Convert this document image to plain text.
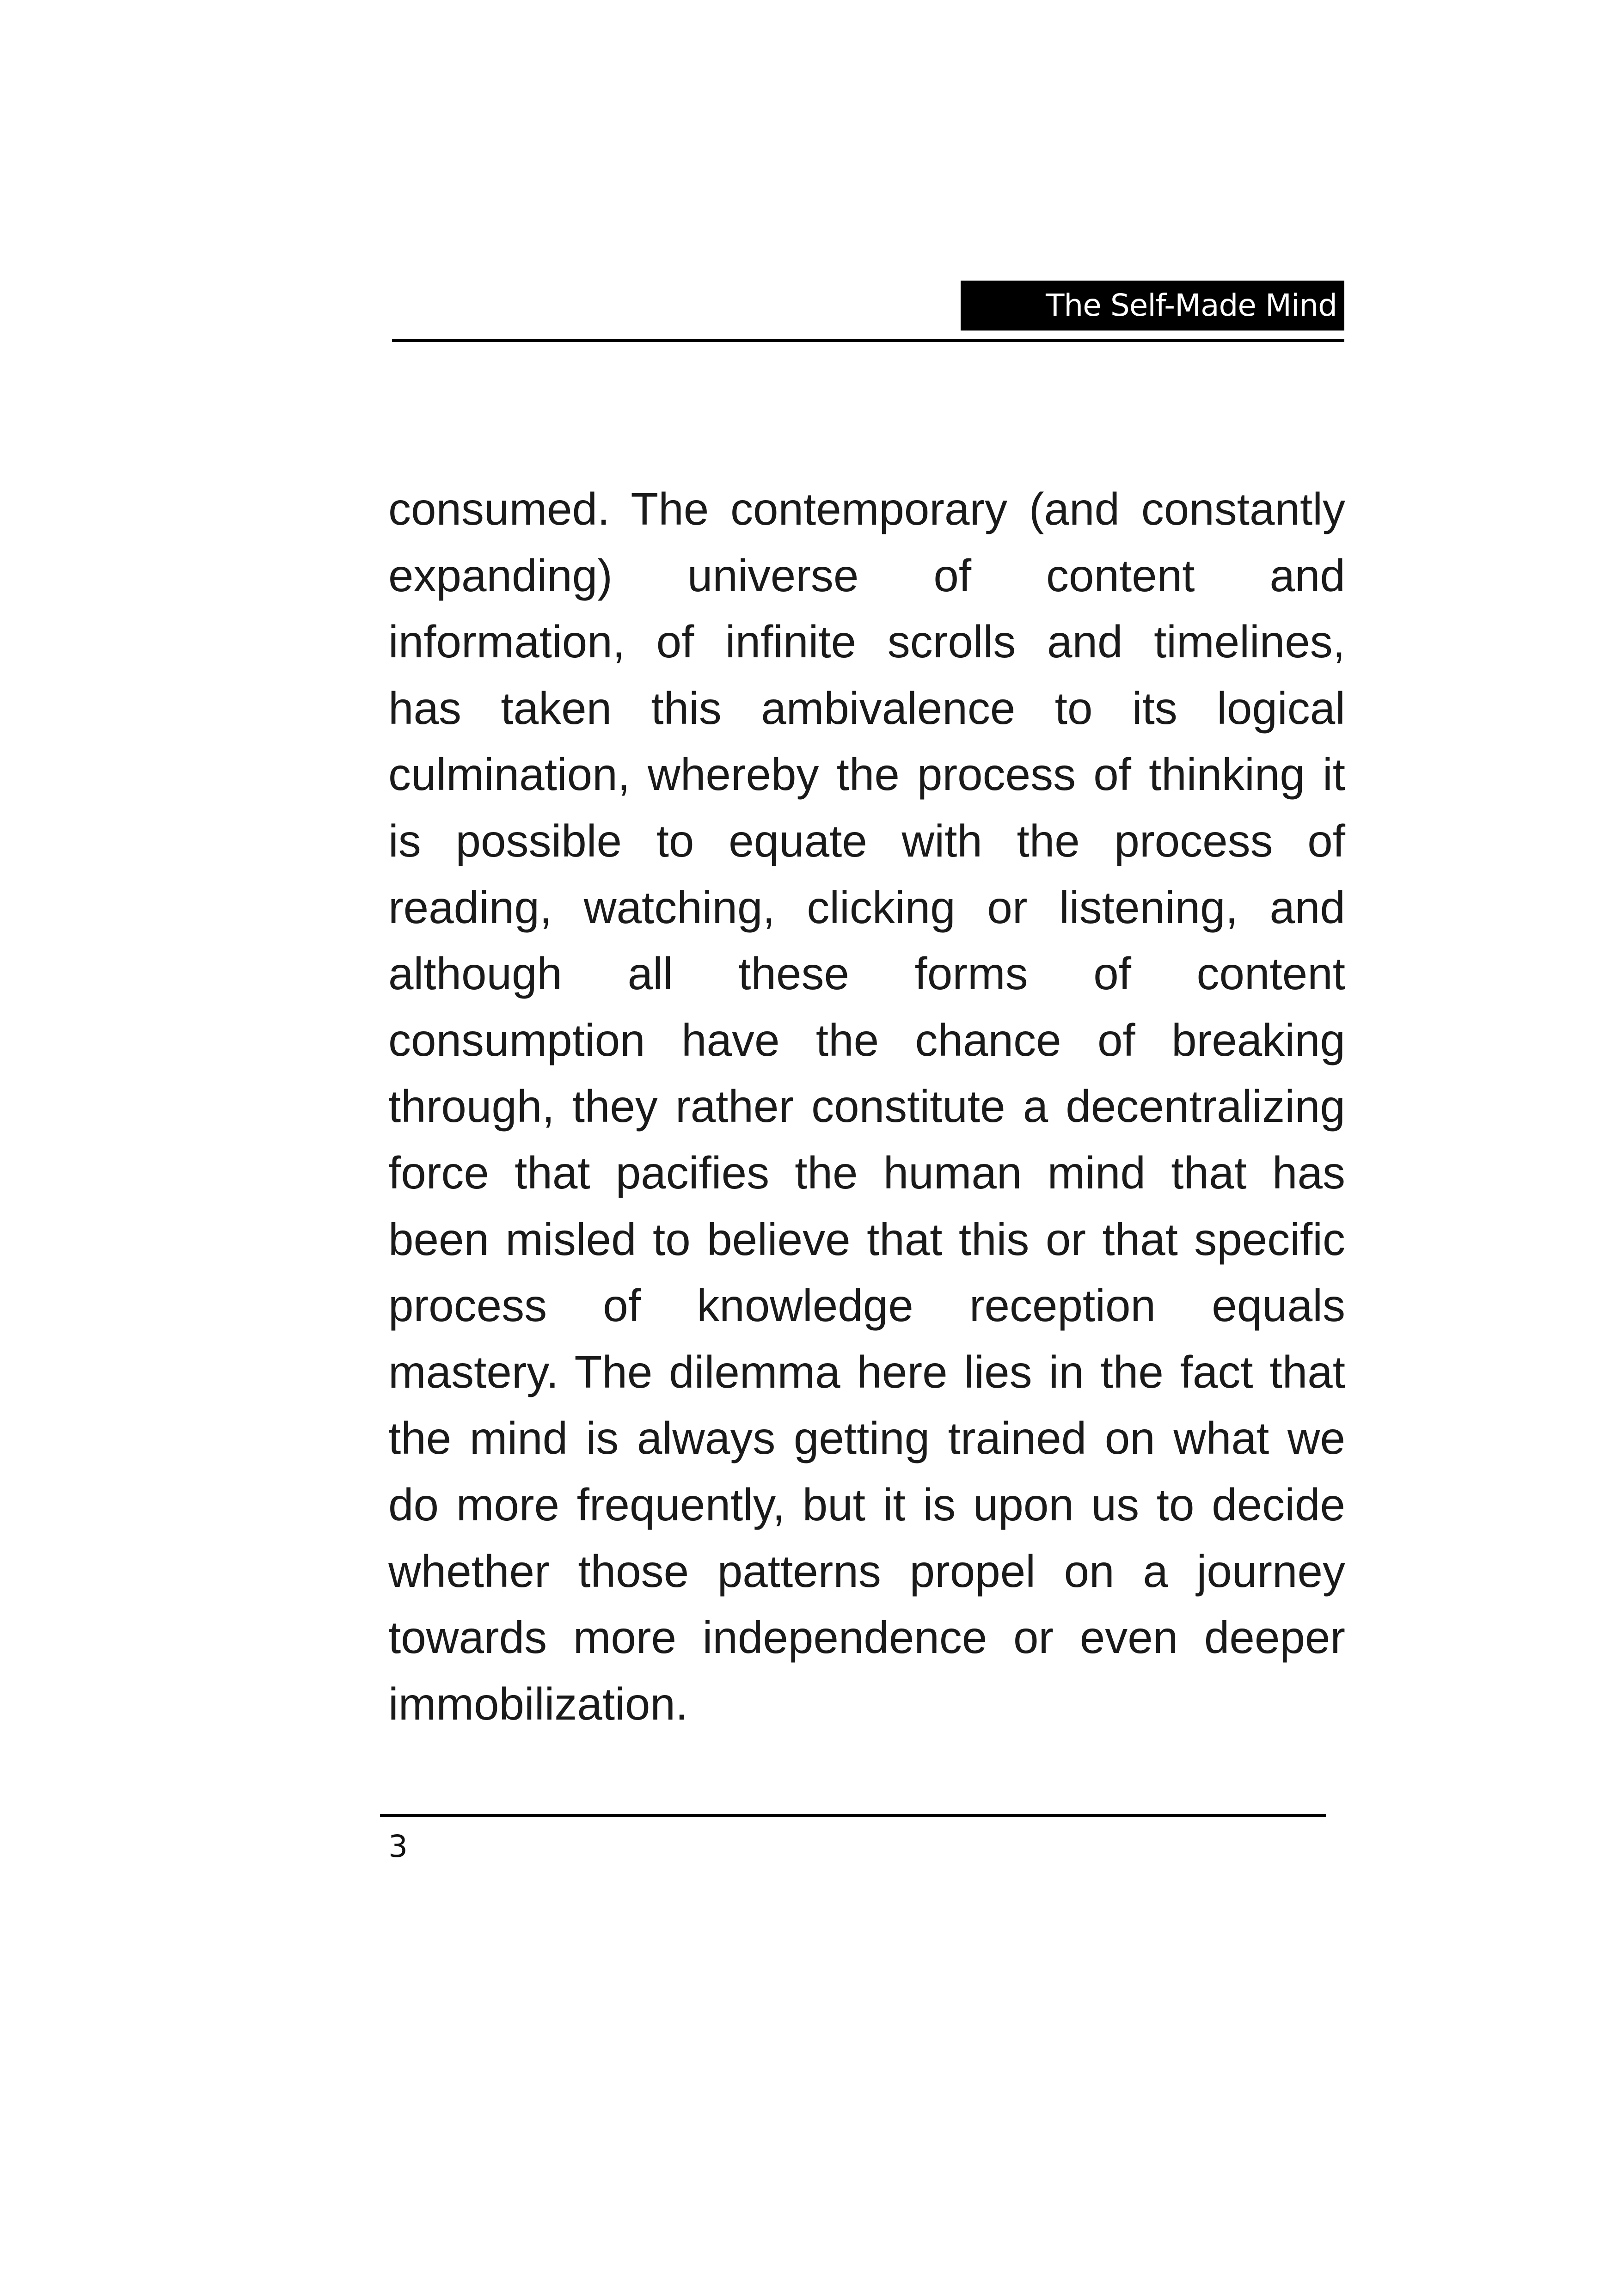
The Self-Made Mind
consumed. The contemporary (and constantly
expanding) universe of content and
information, of infinite scrolls and timelines,
has taken this ambivalence to its logical
culmination, whereby the process of thinking it
is possible to equate with the process of
reading, watching, clicking or listening, and
although all these forms of content
consumption have the chance of breaking
through, they rather constitute a decentralizing
force that pacifies the human mind that has
been misled to believe that this or that specific
process of knowledge reception equals
mastery. The dilemma here lies in the fact that
the mind is always getting trained on what we
do more frequently, but it is upon us to decide
whether those patterns propel on a journey
towards more independence or even deeper
immobilization.
3
